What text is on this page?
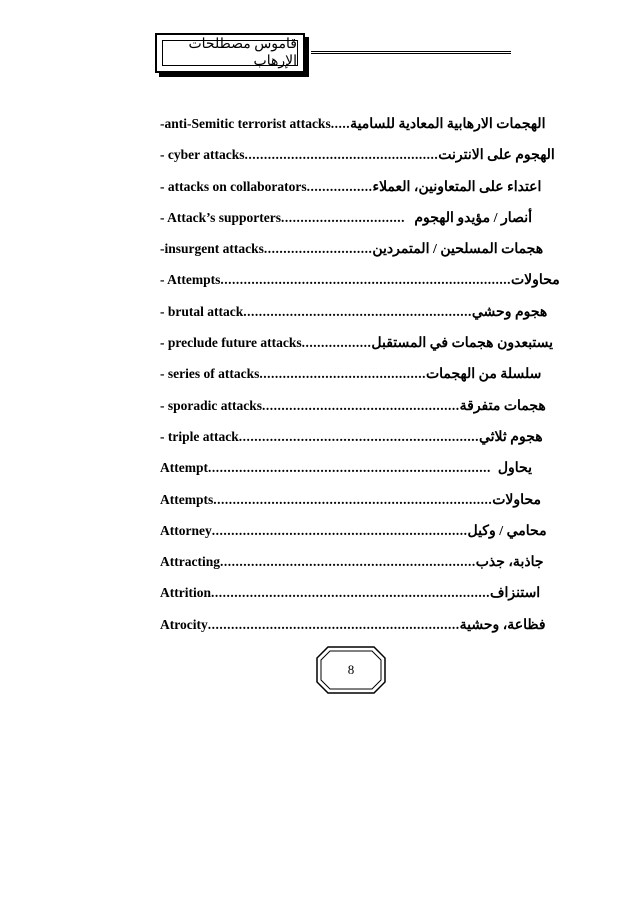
قاموس مصطلحات الإرهاب
-anti-Semitic terrorist attacks ..... الهجمات الارهابية المعادية للسامية
- cyber attacks .................................................. الهجوم على الانترنت
- attacks on collaborators ................. اعتداء على المتعاونين، العملاء
- Attack’s supporters ................................ أنصار / مؤيدو الهجوم
-insurgent attacks ............................ هجمات المسلحين / المتمردين
- Attempts ........................................................................... محاولات
- brutal attack ........................................................... هجوم وحشي
- preclude future attacks .................. يستبعدون هجمات في المستقبل
- series of attacks ........................................... سلسلة من الهجمات
- sporadic attacks ................................................... هجمات متفرقة
- triple attack .............................................................. هجوم ثلاثي
Attempt ......................................................................... يحاول
Attempts ........................................................................ محاولات
Attorney .................................................................. محامي / وكيل
Attracting .................................................................. جاذبة، جذب
Attrition ........................................................................ استنزاف
Atrocity ................................................................. فظاعة، وحشية
8
